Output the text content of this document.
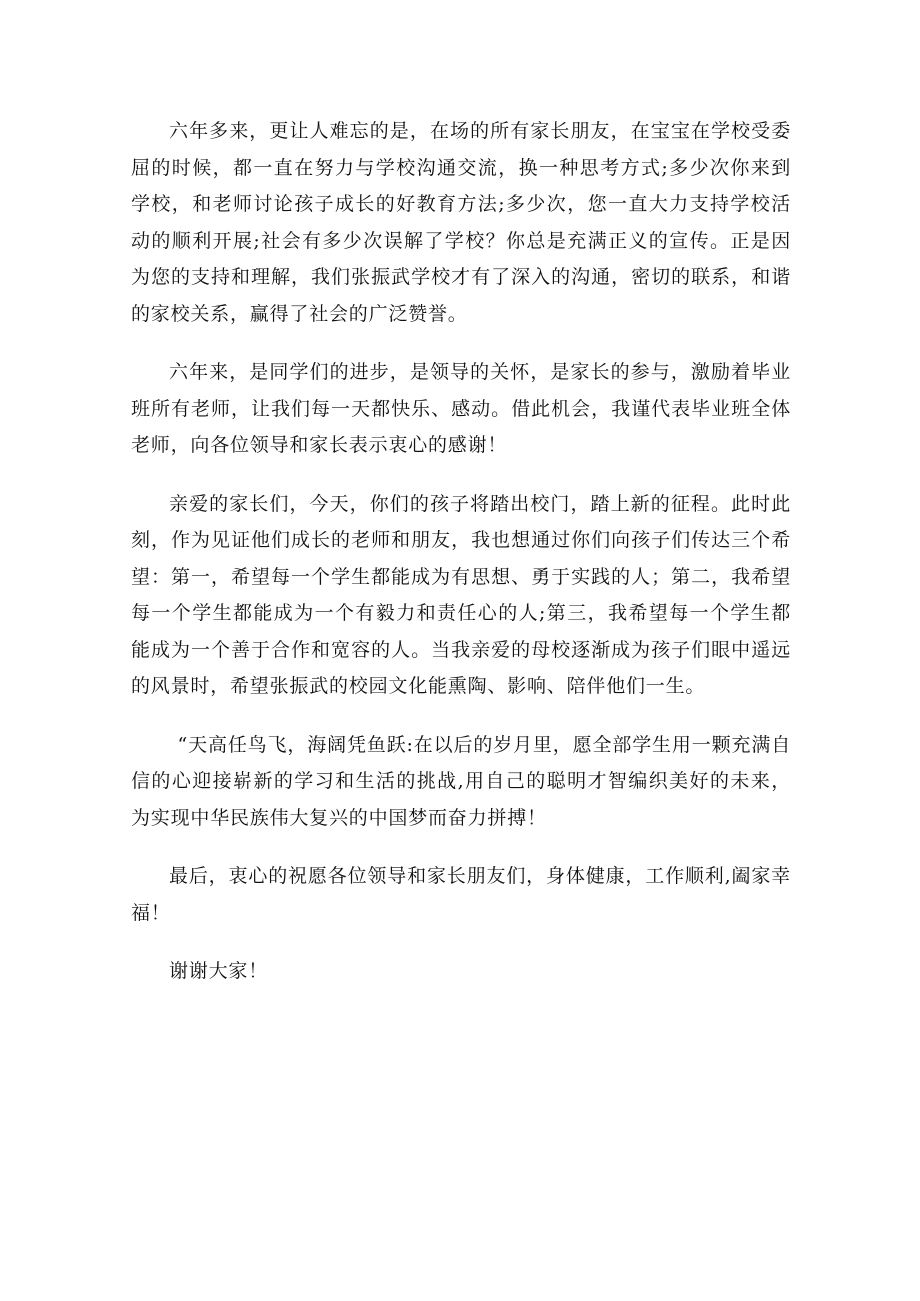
六年多来，更让人难忘的是，在场的所有家长朋友，在宝宝在学校受委屈的时候，都一直在努力与学校沟通交流，换一种思考方式;多少次你来到学校，和老师讨论孩子成长的好教育方法;多少次，您一直大力支持学校活动的顺利开展;社会有多少次误解了学校？你总是充满正义的宣传。正是因为您的支持和理解，我们张振武学校才有了深入的沟通，密切的联系，和谐的家校关系，赢得了社会的广泛赞誉。

六年来，是同学们的进步，是领导的关怀，是家长的参与，激励着毕业班所有老师，让我们每一天都快乐、感动。借此机会，我谨代表毕业班全体老师，向各位领导和家长表示衷心的感谢！

亲爱的家长们，今天，你们的孩子将踏出校门，踏上新的征程。此时此刻，作为见证他们成长的老师和朋友，我也想通过你们向孩子们传达三个希望：第一，希望每一个学生都能成为有思想、勇于实践的人；第二，我希望每一个学生都能成为一个有毅力和责任心的人;第三，我希望每一个学生都能成为一个善于合作和宽容的人。当我亲爱的母校逐渐成为孩子们眼中遥远的风景时，希望张振武的校园文化能熏陶、影响、陪伴他们一生。

“天高任鸟飞，海阔凭鱼跃:在以后的岁月里，愿全部学生用一颗充满自信的心迎接崭新的学习和生活的挑战,用自己的聪明才智编织美好的未来，为实现中华民族伟大复兴的中国梦而奋力拼搏！

最后，衷心的祝愿各位领导和家长朋友们，身体健康，工作顺利,阖家幸福！

谢谢大家！
